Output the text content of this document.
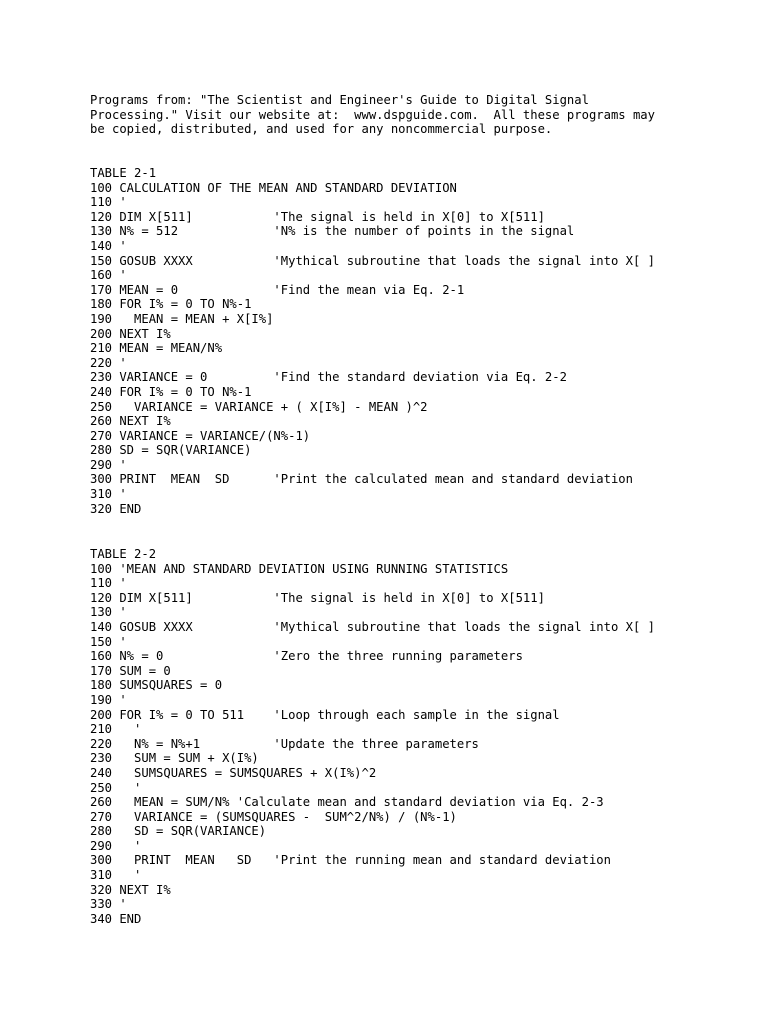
Programs from: "The Scientist and Engineer's Guide to Digital Signal
Processing." Visit our website at:  www.dspguide.com.  All these programs may
be copied, distributed, and used for any noncommercial purpose.
TABLE 2-1
100 CALCULATION OF THE MEAN AND STANDARD DEVIATION
110 '
120 DIM X[511]           'The signal is held in X[0] to X[511]
130 N% = 512             'N% is the number of points in the signal
140 '
150 GOSUB XXXX           'Mythical subroutine that loads the signal into X[ ]
160 '
170 MEAN = 0             'Find the mean via Eq. 2-1
180 FOR I% = 0 TO N%-1
190   MEAN = MEAN + X[I%]
200 NEXT I%
210 MEAN = MEAN/N%
220 '
230 VARIANCE = 0         'Find the standard deviation via Eq. 2-2
240 FOR I% = 0 TO N%-1
250   VARIANCE = VARIANCE + ( X[I%] - MEAN )^2
260 NEXT I%
270 VARIANCE = VARIANCE/(N%-1)
280 SD = SQR(VARIANCE)
290 '
300 PRINT  MEAN  SD      'Print the calculated mean and standard deviation
310 '
320 END
TABLE 2-2
100 'MEAN AND STANDARD DEVIATION USING RUNNING STATISTICS
110 '
120 DIM X[511]           'The signal is held in X[0] to X[511]
130 '
140 GOSUB XXXX           'Mythical subroutine that loads the signal into X[ ]
150 '
160 N% = 0               'Zero the three running parameters
170 SUM = 0
180 SUMSQUARES = 0
190 '
200 FOR I% = 0 TO 511    'Loop through each sample in the signal
210   '
220   N% = N%+1          'Update the three parameters
230   SUM = SUM + X(I%)
240   SUMSQUARES = SUMSQUARES + X(I%)^2
250   '
260   MEAN = SUM/N% 'Calculate mean and standard deviation via Eq. 2-3
270   VARIANCE = (SUMSQUARES -  SUM^2/N%) / (N%-1)
280   SD = SQR(VARIANCE)
290   '
300   PRINT  MEAN   SD   'Print the running mean and standard deviation
310   '
320 NEXT I%
330 '
340 END
